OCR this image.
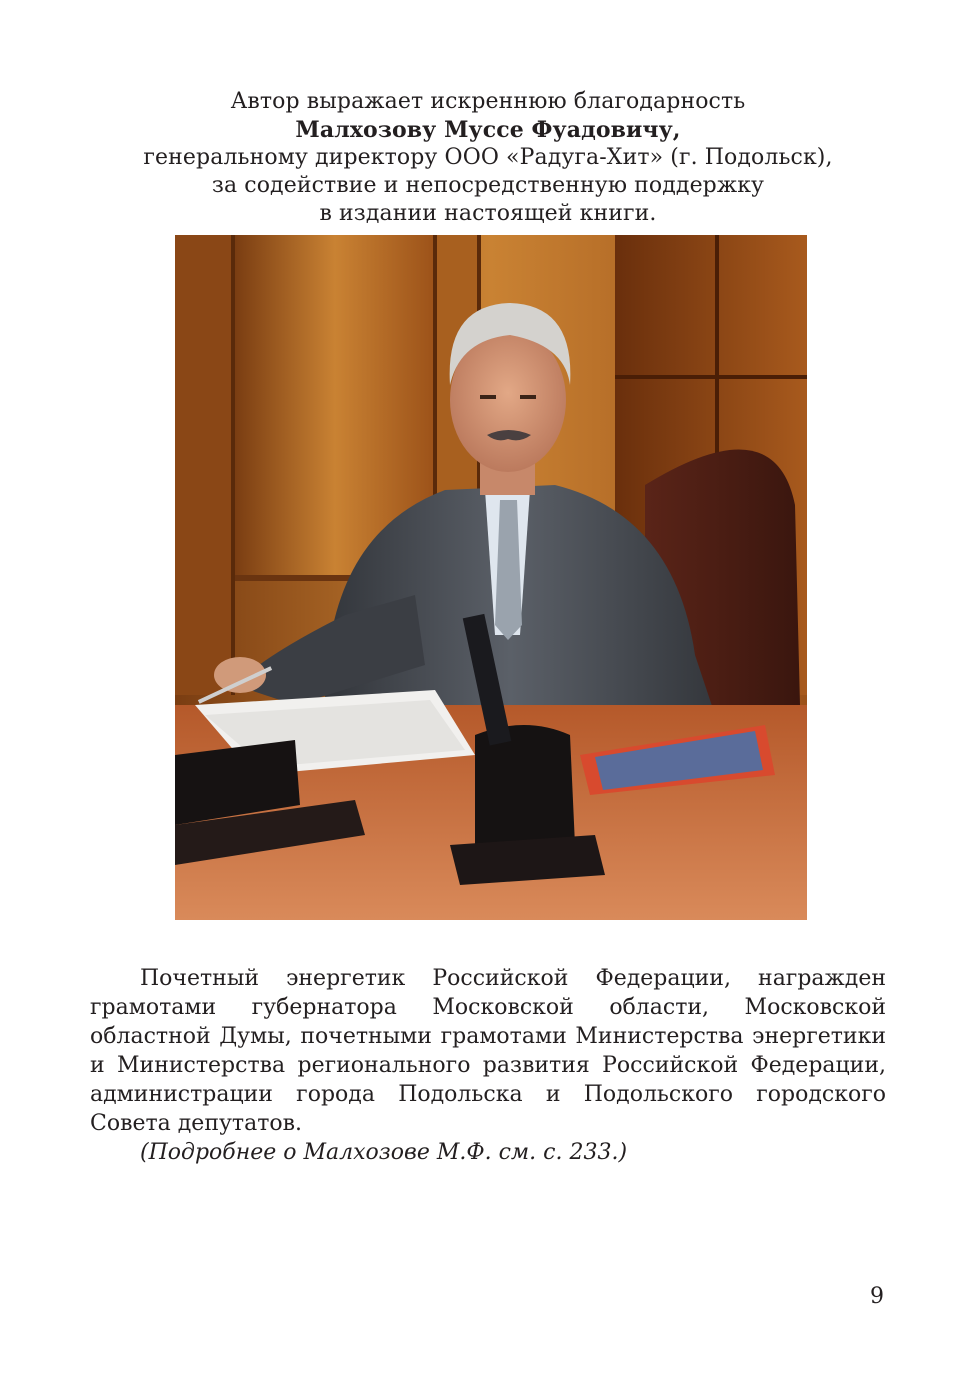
Автор выражает искреннюю благодарность
Малхозову Муссе Фуадовичу,
генеральному директору ООО «Радуга-Хит» (г. Подольск),
за содействие и непосредственную поддержку
в издании настоящей книги.

Почетный энергетик Российской Федерации, награжден грамотами губернатора Московской области, Московской областной Думы, почетными грамотами Министерства энергетики и Министерства регионального развития Российской Федерации, администрации города Подольска и Подольского городского Совета депутатов.

(Подробнее о Малхозове М.Ф. см. с. 233.)

9
